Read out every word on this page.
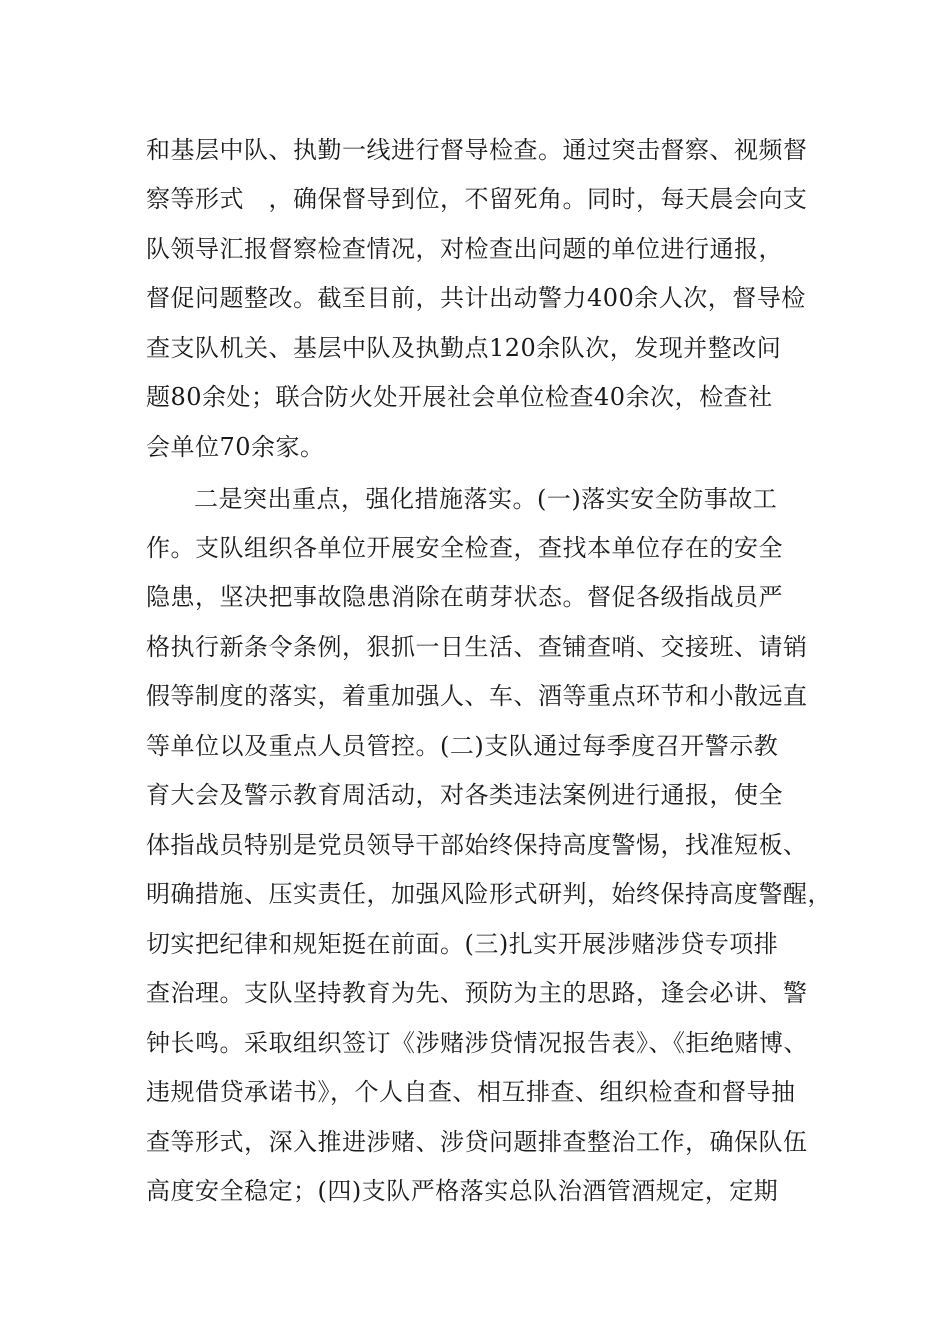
和基层中队、执勤一线进行督导检查。通过突击督察、视频督
察等形式　，确保督导到位，不留死角。同时，每天晨会向支
队领导汇报督察检查情况，对检查出问题的单位进行通报，
督促问题整改。截至目前，共计出动警力400余人次，督导检
查支队机关、基层中队及执勤点120余队次，发现并整改问
题80余处；联合防火处开展社会单位检查40余次，检查社
会单位70余家。
二是突出重点，强化措施落实。(一)落实安全防事故工
作。支队组织各单位开展安全检查，查找本单位存在的安全
隐患，坚决把事故隐患消除在萌芽状态。督促各级指战员严
格执行新条令条例，狠抓一日生活、查铺查哨、交接班、请销
假等制度的落实，着重加强人、车、酒等重点环节和小散远直
等单位以及重点人员管控。(二)支队通过每季度召开警示教
育大会及警示教育周活动，对各类违法案例进行通报，使全
体指战员特别是党员领导干部始终保持高度警惕，找准短板、
明确措施、压实责任，加强风险形式研判，始终保持高度警醒，
切实把纪律和规矩挺在前面。(三)扎实开展涉赌涉贷专项排
查治理。支队坚持教育为先、预防为主的思路，逢会必讲、警
钟长鸣。采取组织签订《涉赌涉贷情况报告表》、《拒绝赌博、
违规借贷承诺书》，个人自查、相互排查、组织检查和督导抽
查等形式，深入推进涉赌、涉贷问题排查整治工作，确保队伍
高度安全稳定；(四)支队严格落实总队治酒管酒规定，定期
